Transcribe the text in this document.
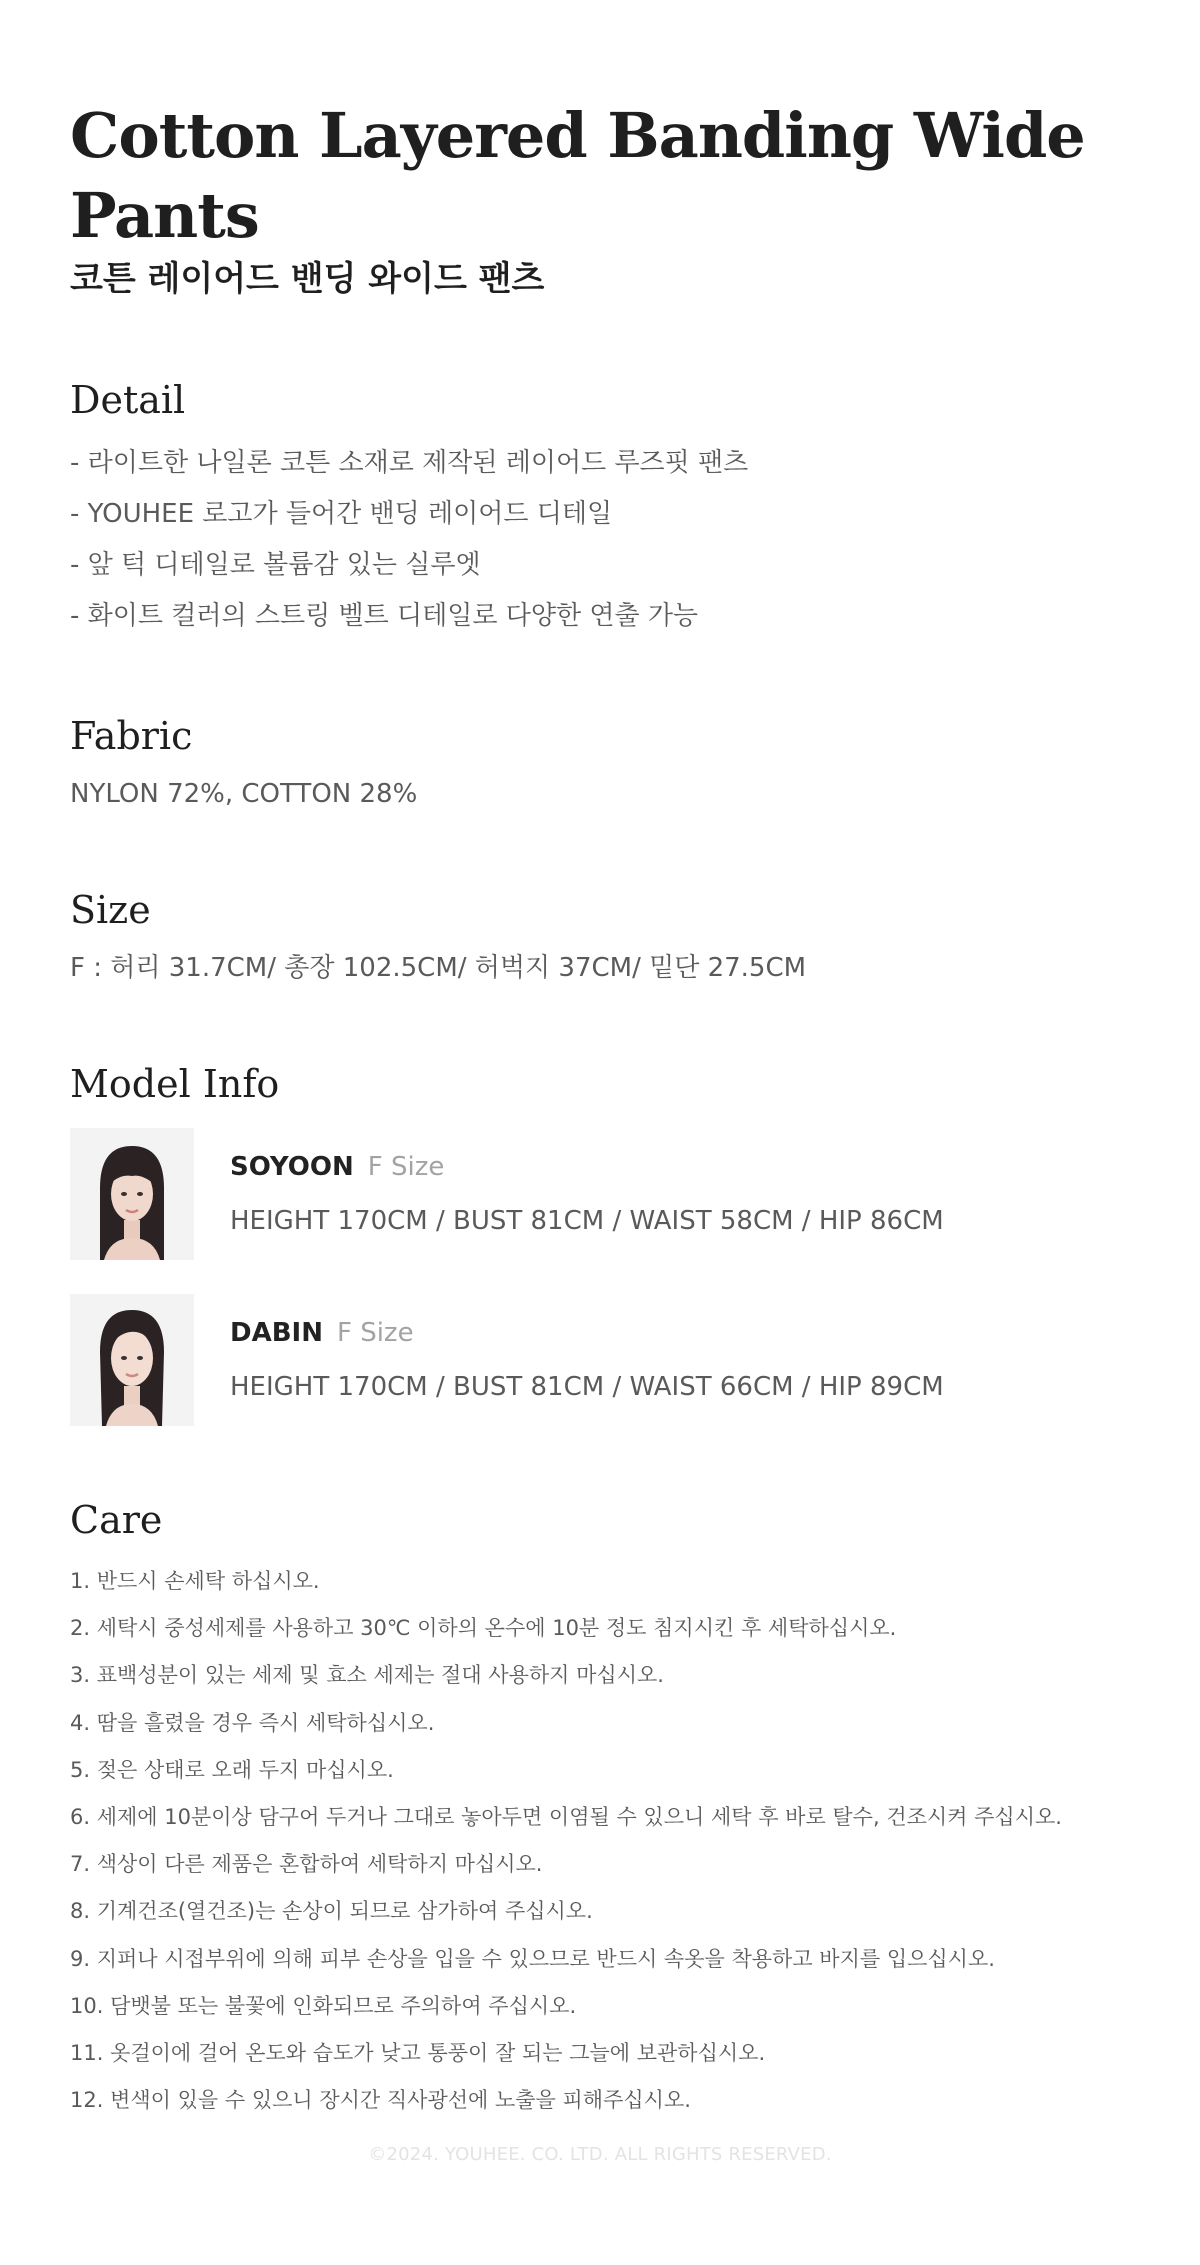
Cotton Layered Banding Wide Pants
코튼 레이어드 밴딩 와이드 팬츠
Detail
- 라이트한 나일론 코튼 소재로 제작된 레이어드 루즈핏 팬츠
- YOUHEE 로고가 들어간 밴딩 레이어드 디테일
- 앞 턱 디테일로 볼륨감 있는 실루엣
- 화이트 컬러의 스트링 벨트 디테일로 다양한 연출 가능
Fabric

NYLON 72%, COTTON 28%

Size

F : 허리 31.7CM/ 총장 102.5CM/ 허벅지 37CM/ 밑단 27.5CM

Model Info
SOYOON F Size
HEIGHT 170CM / BUST 81CM / WAIST 58CM / HIP 86CM
DABIN F Size
HEIGHT 170CM / BUST 81CM / WAIST 66CM / HIP 89CM
Care
1. 반드시 손세탁 하십시오.
2. 세탁시 중성세제를 사용하고 30℃ 이하의 온수에 10분 정도 침지시킨 후 세탁하십시오.
3. 표백성분이 있는 세제 및 효소 세제는 절대 사용하지 마십시오.
4. 땀을 흘렸을 경우 즉시 세탁하십시오.
5. 젖은 상태로 오래 두지 마십시오.
6. 세제에 10분이상 담구어 두거나 그대로 놓아두면 이염될 수 있으니 세탁 후 바로 탈수, 건조시켜 주십시오.
7. 색상이 다른 제품은 혼합하여 세탁하지 마십시오.
8. 기계건조(열건조)는 손상이 되므로 삼가하여 주십시오.
9. 지퍼나 시접부위에 의해 피부 손상을 입을 수 있으므로 반드시 속옷을 착용하고 바지를 입으십시오.
10. 담뱃불 또는 불꽃에 인화되므로 주의하여 주십시오.
11. 옷걸이에 걸어 온도와 습도가 낮고 통풍이 잘 되는 그늘에 보관하십시오.
12. 변색이 있을 수 있으니 장시간 직사광선에 노출을 피해주십시오.
©2024. YOUHEE. CO. LTD. ALL RIGHTS RESERVED.
